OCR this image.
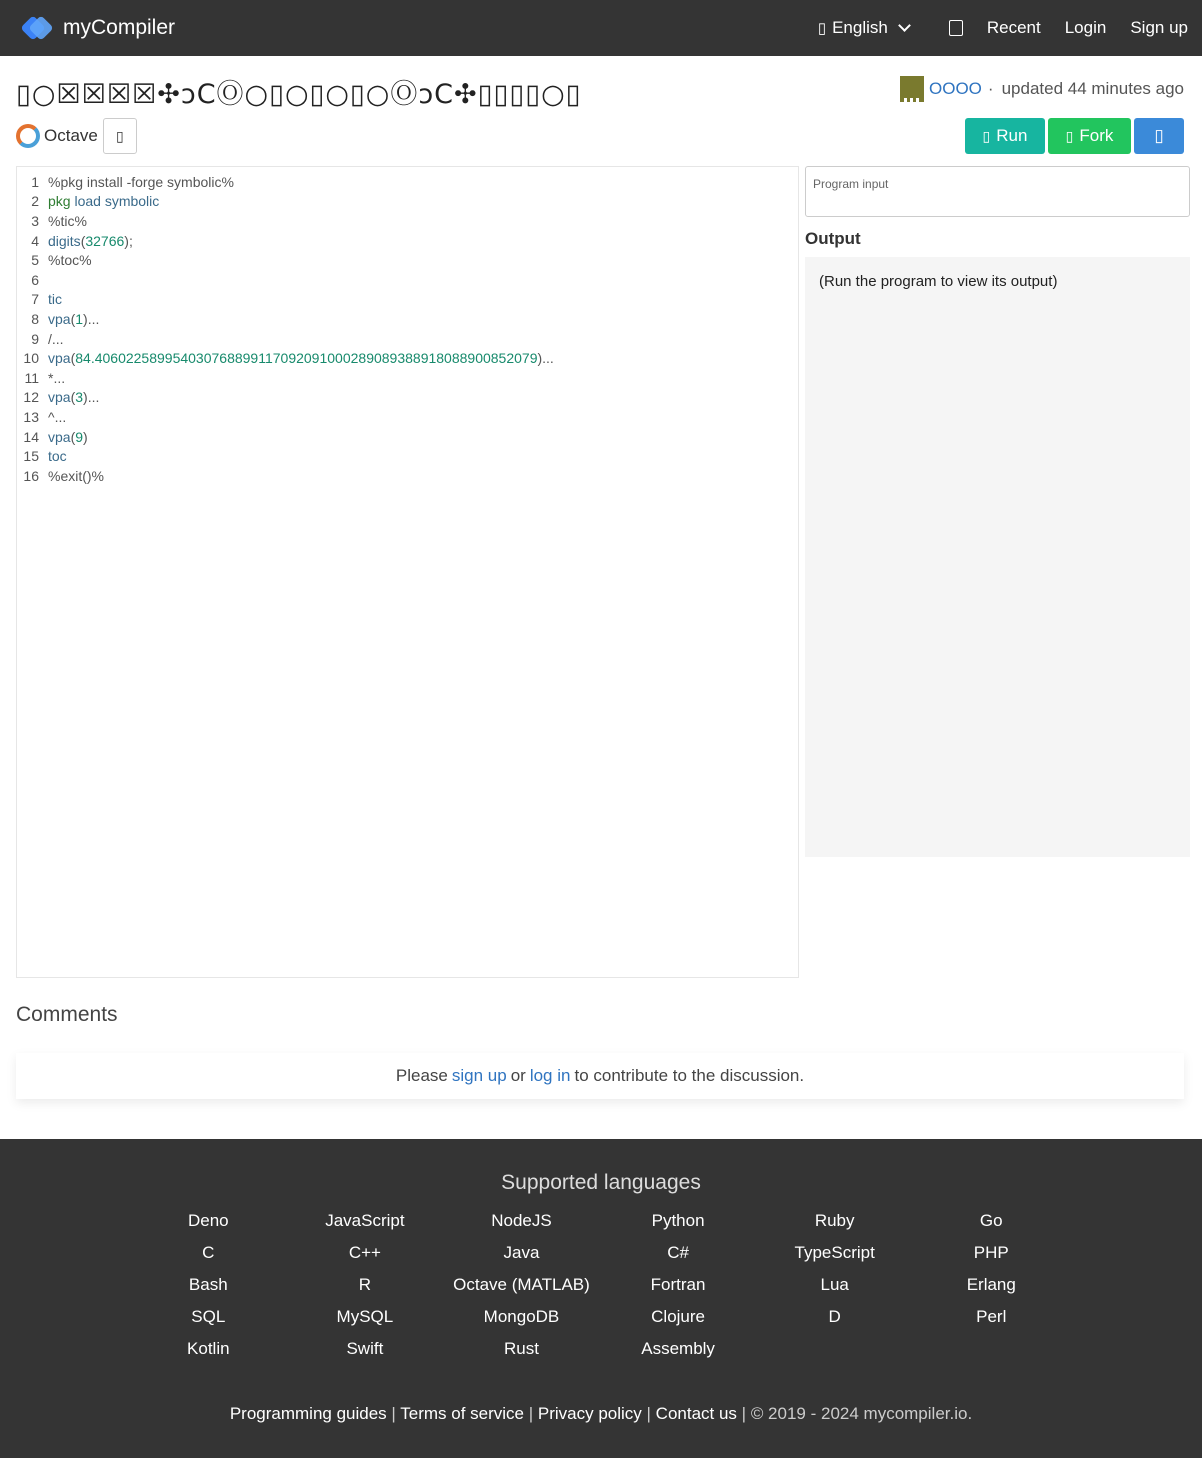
myCompiler	▯ English	Recent Login Sign up
▯○☒☒☒☒✣ↄϹⓄ○▯○▯○▯○ⓄↄϹ✣▯▯▯▯○▯	OOOO · updated 44 minutes ago
Octave ▯	▯ Run	▯ Fork ▯
1 %pkg install -forge symbolic%
2 pkg load symbolic
3 %tic%
4 digits(32766);
5 %toc%
6
7 tic
8 vpa(1)...
9 /...
10 vpa(84.406022589954030768899117092091000289089388918088900852079)...
11 *...
12 vpa(3)...
13 ^...
14 vpa(9)
15 toc
16 %exit()%
Program input
Output
(Run the program to view its output)
Comments
Please sign up or log in to contribute to the discussion.
Supported languages
Deno	JavaScript	NodeJS	Python	Ruby	Go
C	C++	Java	C#	TypeScript	PHP
Bash	R	Octave (MATLAB)	Fortran	Lua	Erlang
SQL	MySQL	MongoDB	Clojure	D	Perl
Kotlin	Swift	Rust	Assembly
Programming guides | Terms of service | Privacy policy | Contact us | © 2019 - 2024 mycompiler.io.
